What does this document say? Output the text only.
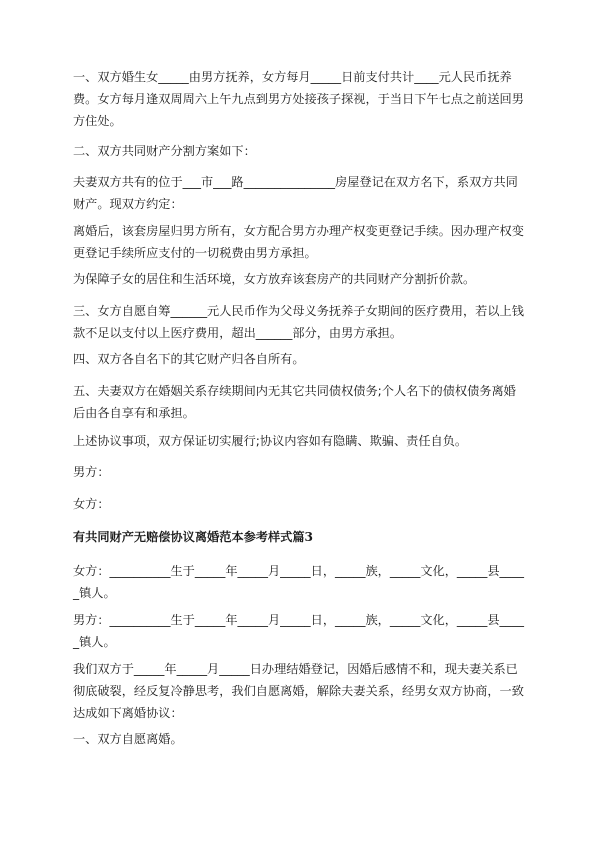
一、双方婚生女_____由男方抚养，女方每月_____日前支付共计____元人民币抚养费。女方每月逢双周周六上午九点到男方处接孩子探视，于当日下午七点之前送回男方住处。

二、双方共同财产分割方案如下：

夫妻双方共有的位于___市___路_______________房屋登记在双方名下，系双方共同财产。现双方约定：

离婚后，该套房屋归男方所有，女方配合男方办理产权变更登记手续。因办理产权变更登记手续所应支付的一切税费由男方承担。

为保障子女的居住和生活环境，女方放弃该套房产的共同财产分割折价款。

三、女方自愿自筹______元人民币作为父母义务抚养子女期间的医疗费用，若以上钱款不足以支付以上医疗费用，超出______部分，由男方承担。

四、双方各自名下的其它财产归各自所有。

五、夫妻双方在婚姻关系存续期间内无其它共同债权债务;个人名下的债权债务离婚后由各自享有和承担。

上述协议事项，双方保证切实履行;协议内容如有隐瞒、欺骗、责任自负。

男方：

女方：

有共同财产无赔偿协议离婚范本参考样式篇3

女方：__________生于_____年_____月_____日，_____族，_____文化，_____县_____镇人。

男方：__________生于_____年_____月_____日，_____族，_____文化，_____县_____镇人。

我们双方于_____年_____月_____日办理结婚登记，因婚后感情不和，现夫妻关系已彻底破裂，经反复冷静思考，我们自愿离婚，解除夫妻关系，经男女双方协商，一致达成如下离婚协议：

一、双方自愿离婚。
